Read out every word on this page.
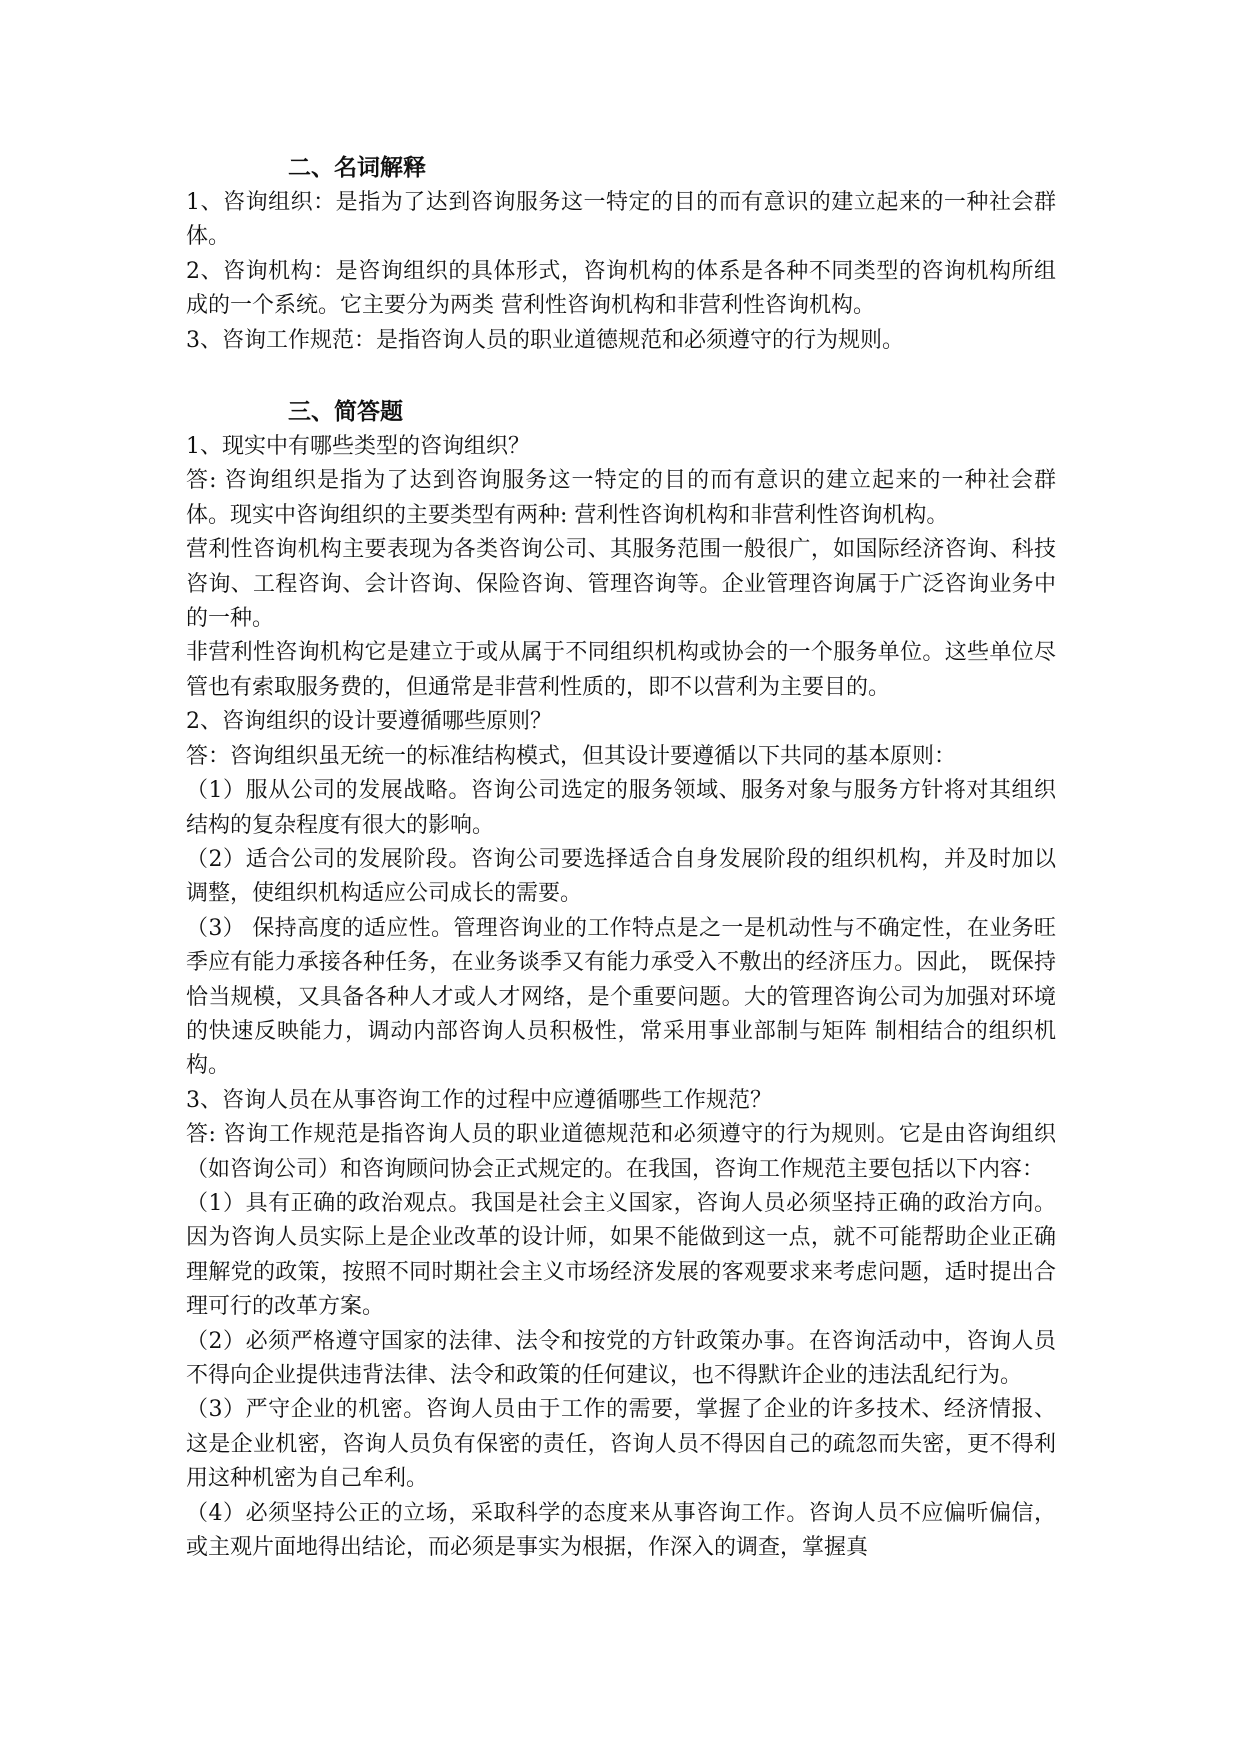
二、名词解释

1、咨询组织：是指为了达到咨询服务这一特定的目的而有意识的建立起来的一种社会群体。

2、咨询机构：是咨询组织的具体形式，咨询机构的体系是各种不同类型的咨询机构所组成的一个系统。它主要分为两类 营利性咨询机构和非营利性咨询机构。

3、咨询工作规范：是指咨询人员的职业道德规范和必须遵守的行为规则。

三、简答题

1、现实中有哪些类型的咨询组织？

答: 咨询组织是指为了达到咨询服务这一特定的目的而有意识的建立起来的一种社会群体。现实中咨询组织的主要类型有两种: 营利性咨询机构和非营利性咨询机构。

营利性咨询机构主要表现为各类咨询公司、其服务范围一般很广，如国际经济咨询、科技咨询、工程咨询、会计咨询、保险咨询、管理咨询等。企业管理咨询属于广泛咨询业务中的一种。

非营利性咨询机构它是建立于或从属于不同组织机构或协会的一个服务单位。这些单位尽管也有索取服务费的，但通常是非营利性质的，即不以营利为主要目的。

2、咨询组织的设计要遵循哪些原则？

答：咨询组织虽无统一的标准结构模式，但其设计要遵循以下共同的基本原则：

（1）服从公司的发展战略。咨询公司选定的服务领域、服务对象与服务方针将对其组织结构的复杂程度有很大的影响。

（2）适合公司的发展阶段。咨询公司要选择适合自身发展阶段的组织机构，并及时加以调整，使组织机构适应公司成长的需要。

（3） 保持高度的适应性。管理咨询业的工作特点是之一是机动性与不确定性，在业务旺季应有能力承接各种任务，在业务谈季又有能力承受入不敷出的经济压力。因此， 既保持恰当规模，又具备各种人才或人才网络，是个重要问题。大的管理咨询公司为加强对环境的快速反映能力，调动内部咨询人员积极性，常采用事业部制与矩阵 制相结合的组织机构。

3、咨询人员在从事咨询工作的过程中应遵循哪些工作规范？

答: 咨询工作规范是指咨询人员的职业道德规范和必须遵守的行为规则。它是由咨询组织（如咨询公司）和咨询顾问协会正式规定的。在我国，咨询工作规范主要包括以下内容：

（1）具有正确的政治观点。我国是社会主义国家，咨询人员必须坚持正确的政治方向。因为咨询人员实际上是企业改革的设计师，如果不能做到这一点，就不可能帮助企业正确理解党的政策，按照不同时期社会主义市场经济发展的客观要求来考虑问题，适时提出合理可行的改革方案。

（2）必须严格遵守国家的法律、法令和按党的方针政策办事。在咨询活动中，咨询人员不得向企业提供违背法律、法令和政策的任何建议，也不得默许企业的违法乱纪行为。

（3）严守企业的机密。咨询人员由于工作的需要，掌握了企业的许多技术、经济情报、这是企业机密，咨询人员负有保密的责任，咨询人员不得因自己的疏忽而失密，更不得利用这种机密为自己牟利。

（4）必须坚持公正的立场，采取科学的态度来从事咨询工作。咨询人员不应偏听偏信，或主观片面地得出结论，而必须是事实为根据，作深入的调查，掌握真
